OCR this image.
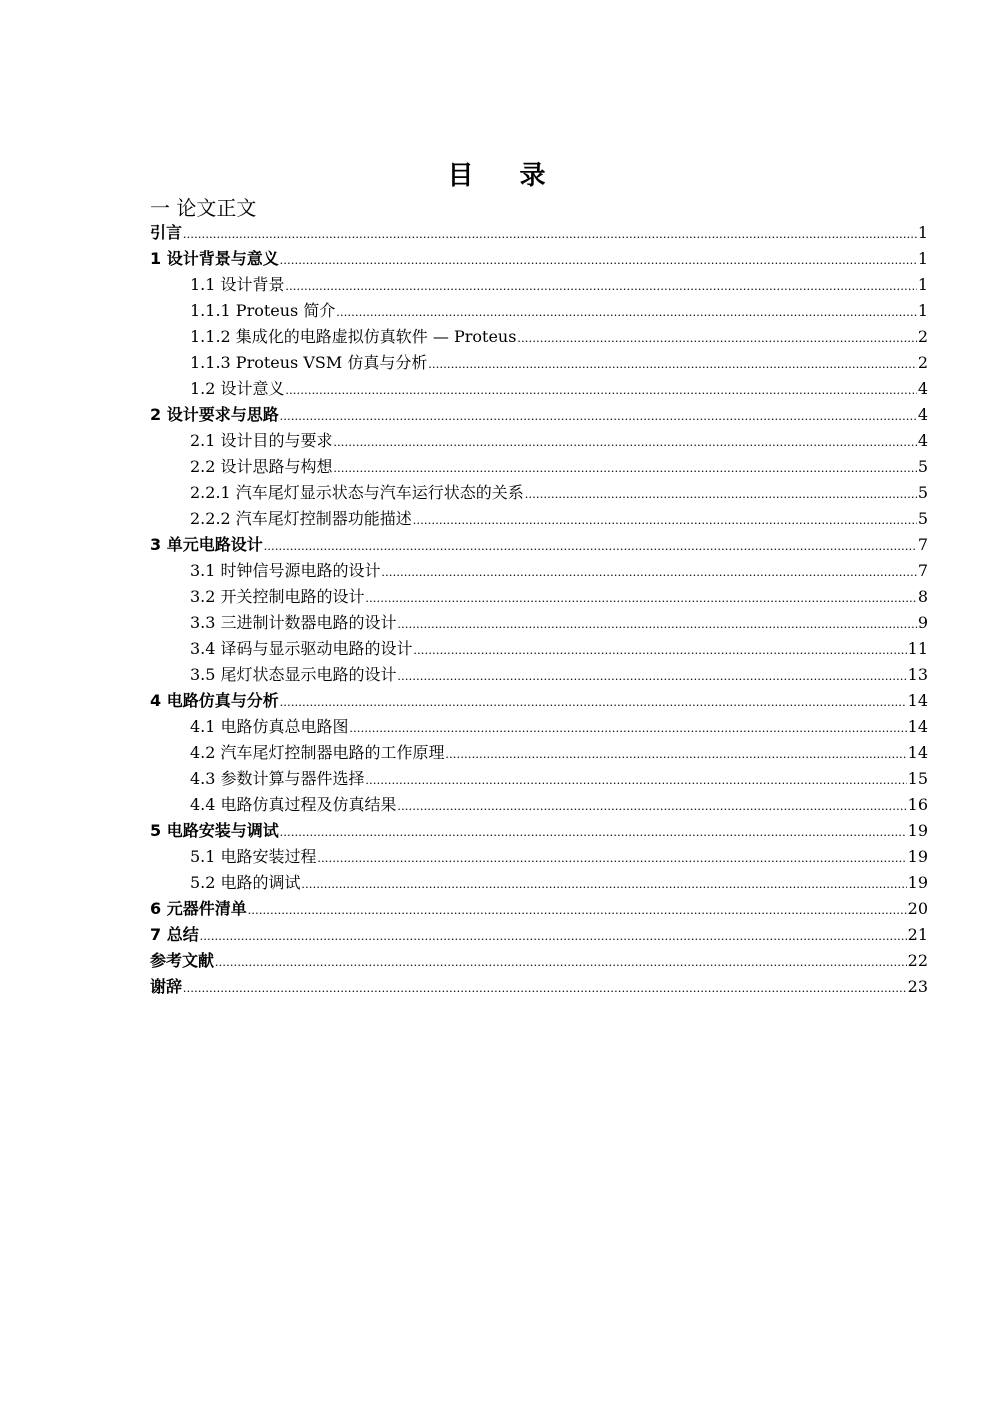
目 录
一 论文正文
引言 .....	1
1 设计背景与意义 .....	1
1.1 设计背景 .....	1
1.1.1 Proteus 简介 .....	1
1.1.2 集成化的电路虚拟仿真软件 — Proteus .....	2
1.1.3 Proteus VSM 仿真与分析 .....	2
1.2 设计意义 .....	4
2 设计要求与思路 .....	4
2.1 设计目的与要求 .....	4
2.2 设计思路与构想 .....	5
2.2.1 汽车尾灯显示状态与汽车运行状态的关系 .....	5
2.2.2 汽车尾灯控制器功能描述 .....	5
3 单元电路设计 .....	7
3.1 时钟信号源电路的设计 .....	7
3.2 开关控制电路的设计 .....	8
3.3 三进制计数器电路的设计 .....	9
3.4 译码与显示驱动电路的设计 .....	11
3.5 尾灯状态显示电路的设计 .....	13
4 电路仿真与分析 .....	14
4.1 电路仿真总电路图 .....	14
4.2 汽车尾灯控制器电路的工作原理 .....	14
4.3 参数计算与器件选择 .....	15
4.4 电路仿真过程及仿真结果 .....	16
5 电路安装与调试 .....	19
5.1 电路安装过程 .....	19
5.2 电路的调试 .....	19
6 元器件清单 .....	20
7 总结 .....	21
参考文献 .....	22
谢辞 .....	23
